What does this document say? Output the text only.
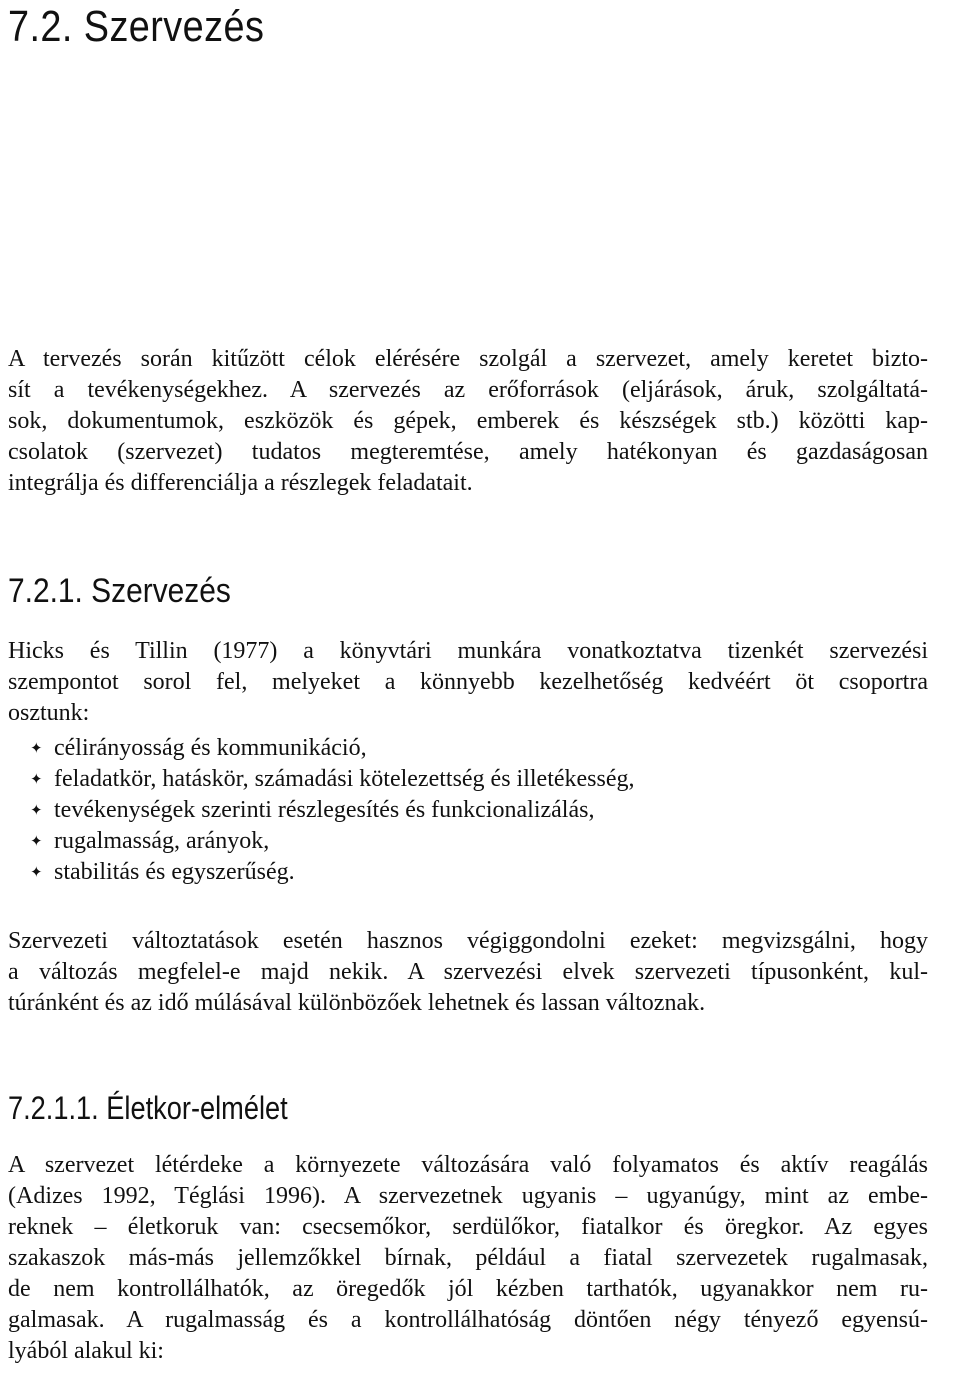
7.2. Szervezés
A tervezés során kitűzött célok elérésére szolgál a szervezet, amely keretet bizto-
sít a tevékenységekhez. A szervezés az erőforrások (eljárások, áruk, szolgáltatá-
sok, dokumentumok, eszközök és gépek, emberek és készségek stb.) közötti kap-
csolatok (szervezet) tudatos megteremtése, amely hatékonyan és gazdaságosan
integrálja és differenciálja a részlegek feladatait.
7.2.1. Szervezés
Hicks és Tillin (1977) a könyvtári munkára vonatkoztatva tizenkét szervezési
szempontot sorol fel, melyeket a könnyebb kezelhetőség kedvéért öt csoportra
osztunk:
✦ célirányosság és kommunikáció,
✦ feladatkör, hatáskör, számadási kötelezettség és illetékesség,
✦ tevékenységek szerinti részlegesítés és funkcionalizálás,
✦ rugalmasság, arányok,
✦ stabilitás és egyszerűség.
Szervezeti változtatások esetén hasznos végiggondolni ezeket: megvizsgálni, hogy
a változás megfelel-e majd nekik. A szervezési elvek szervezeti típusonként, kul-
túránként és az idő múlásával különbözőek lehetnek és lassan változnak.
7.2.1.1. Életkor-elmélet
A szervezet létérdeke a környezete változására való folyamatos és aktív reagálás
(Adizes 1992, Téglási 1996). A szervezetnek ugyanis – ugyanúgy, mint az embe-
reknek – életkoruk van: csecsemőkor, serdülőkor, fiatalkor és öregkor. Az egyes
szakaszok más-más jellemzőkkel bírnak, például a fiatal szervezetek rugalmasak,
de nem kontrollálhatók, az öregedők jól kézben tarthatók, ugyanakkor nem ru-
galmasak. A rugalmasság és a kontrollálhatóság döntően négy tényező egyensú-
lyából alakul ki:
